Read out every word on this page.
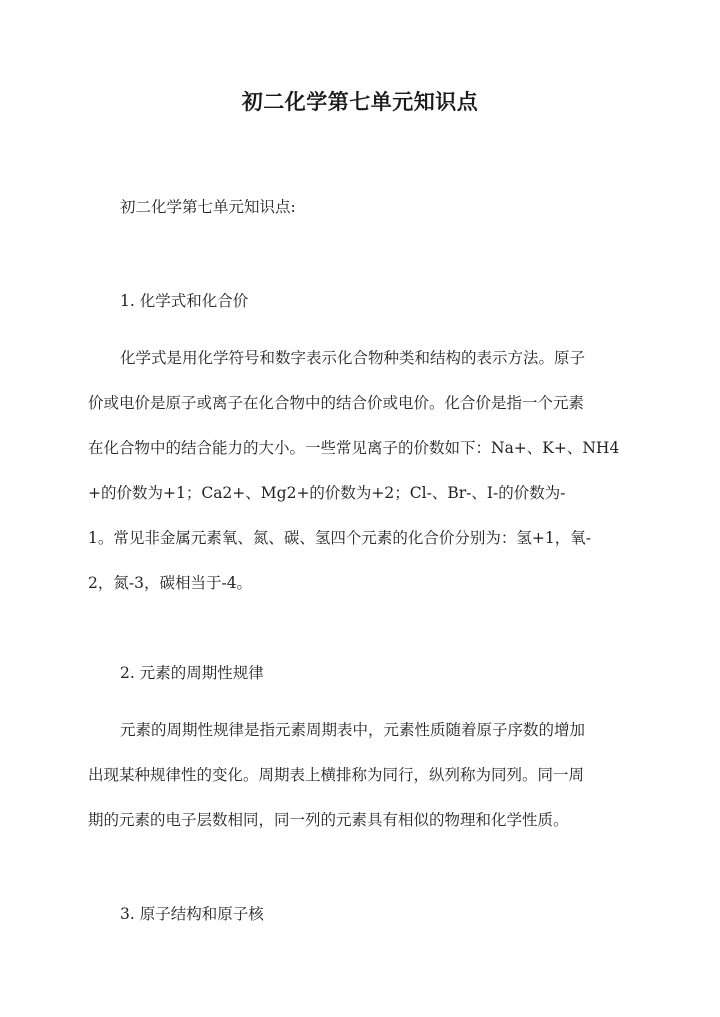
初二化学第七单元知识点
初二化学第七单元知识点:
1. 化学式和化合价
化学式是用化学符号和数字表示化合物种类和结构的表示方法。原子
价或电价是原子或离子在化合物中的结合价或电价。化合价是指一个元素
在化合物中的结合能力的大小。一些常见离子的价数如下：Na+、K+、NH4
+的价数为+1；Ca2+、Mg2+的价数为+2；Cl-、Br-、I-的价数为-
1。常见非金属元素氧、氮、碳、氢四个元素的化合价分别为：氢+1，氧-
2，氮-3，碳相当于-4。
2. 元素的周期性规律
元素的周期性规律是指元素周期表中，元素性质随着原子序数的增加
出现某种规律性的变化。周期表上横排称为同行，纵列称为同列。同一周
期的元素的电子层数相同，同一列的元素具有相似的物理和化学性质。
3. 原子结构和原子核
